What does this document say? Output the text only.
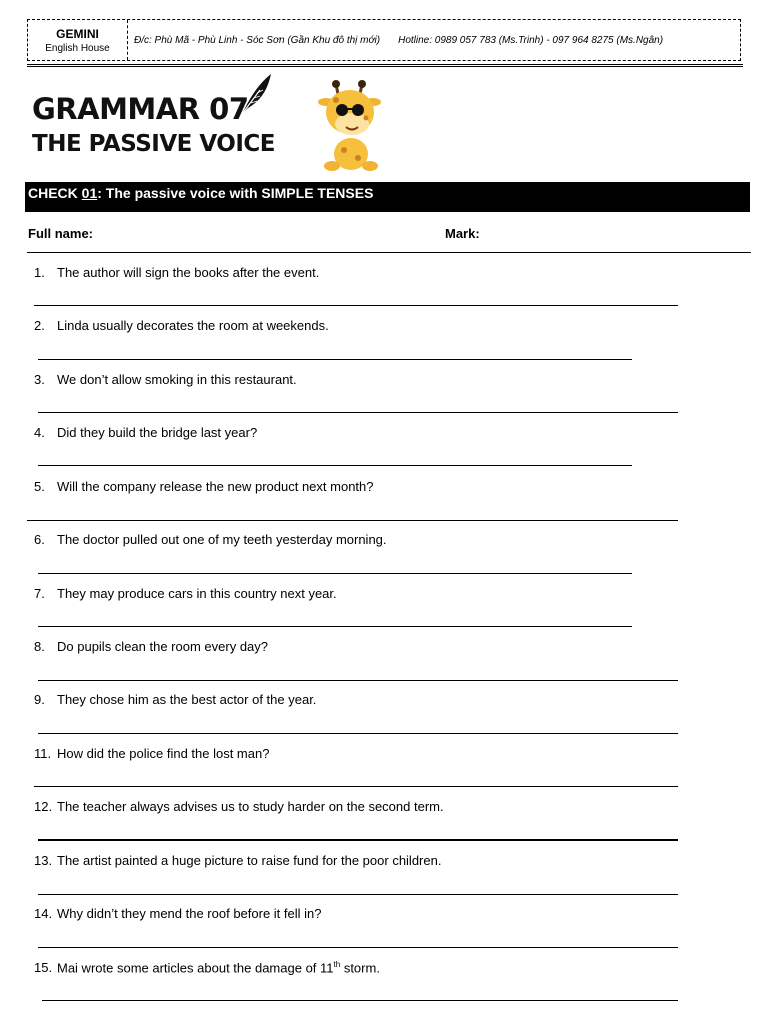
GEMINI
English House
Đ/c: Phù Mã - Phù Linh - Sóc Sơn (Gần Khu đô thị mới) Hotline: 0989 057 783 (Ms.Trinh) - 097 964 8275 (Ms.Ngân)
GRAMMAR 07
THE PASSIVE VOICE
CHECK 01: The passive voice with SIMPLE TENSES
Full name:	Mark:
1. The author will sign the books after the event.
2. Linda usually decorates the room at weekends.
3. We don’t allow smoking in this restaurant.
4. Did they build the bridge last year?
5. Will the company release the new product next month?
6. The doctor pulled out one of my teeth yesterday morning.
7. They may produce cars in this country next year.
8. Do pupils clean the room every day?
9. They chose him as the best actor of the year.
11. How did the police find the lost man?
12. The teacher always advises us to study harder on the second term.
13. The artist painted a huge picture to raise fund for the poor children.
14. Why didn’t they mend the roof before it fell in?
15. Mai wrote some articles about the damage of 11th storm.
